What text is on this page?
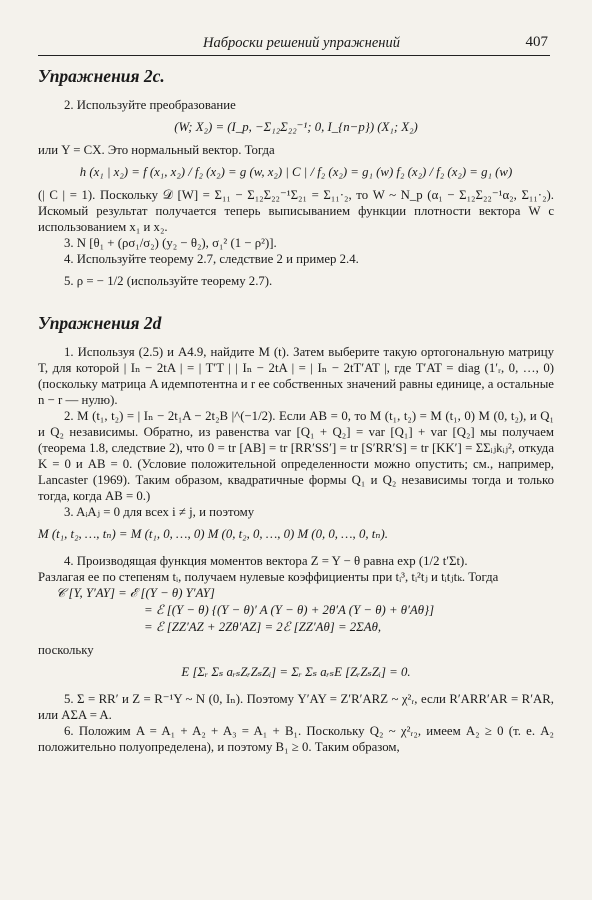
Наброски решений упражнений	407
Упражнения 2с.

2. Используйте преобразование

(W; X₂) = (I_p, −Σ₁₂Σ₂₂⁻¹; 0, I_{n−p}) (X₁; X₂)

или Y = CX. Это нормальный вектор. Тогда

h (x₁ | x₂) = f (x₁, x₂) / f₂ (x₂) = g (w, x₂) | C | / f₂ (x₂) = g₁ (w) f₂ (x₂) / f₂ (x₂) = g₁ (w)

(| C | = 1). Поскольку 𝒟 [W] = Σ₁₁ − Σ₁₂Σ₂₂⁻¹Σ₂₁ = Σ₁₁·₂, то W ~ N_p (α₁ − Σ₁₂Σ₂₂⁻¹α₂, Σ₁₁·₂). Искомый результат получается теперь выписыванием функции плотности вектора W с использованием x₁ и x₂.

3. N [θ₁ + (ρσ₁/σ₂) (y₂ − θ₂), σ₁² (1 − ρ²)].

4. Используйте теорему 2.7, следствие 2 и пример 2.4.

5. ρ = − 1/2 (используйте теорему 2.7).

Упражнения 2d

1. Используя (2.5) и A4.9, найдите M (t). Затем выберите такую ортогональную матрицу T, для которой | Iₙ − 2tA | = | T′T | | Iₙ − 2tA | = | Iₙ − 2tT′AT |, где T′AT = diag (1′ᵣ, 0, …, 0) (поскольку матрица A идемпотентна и r ее собственных значений равны единице, а остальные n − r — нулю).

2. M (t₁, t₂) = | Iₙ − 2t₁A − 2t₂B |^(−1/2). Если AB = 0, то M (t₁, t₂) = M (t₁, 0) M (0, t₂), и Q₁ и Q₂ независимы. Обратно, из равенства var [Q₁ + Q₂] = var [Q₁] + var [Q₂] мы получаем (теорема 1.8, следствие 2), что 0 = tr [AB] = tr [RR′SS′] = tr [S′RR′S] = tr [KK′] = ΣΣᵢⱼkᵢⱼ², откуда K = 0 и AB = 0. (Условие положительной определенности можно опустить; см., например, Lancaster (1969). Таким образом, квадратичные формы Q₁ и Q₂ независимы тогда и только тогда, когда AB = 0.)

3. AᵢAⱼ = 0 для всех i ≠ j, и поэтому

M (t₁, t₂, …, tₙ) = M (t₁, 0, …, 0) M (0, t₂, 0, …, 0) M (0, 0, …, 0, tₙ).

4. Производящая функция моментов вектора Z = Y − θ равна exp (1/2 t′Σt).

Разлагая ее по степеням tᵢ, получаем нулевые коэффициенты при tᵢ³, tᵢ²tⱼ и tᵢtⱼtₖ. Тогда

𝒞 [Y, Y′AY] = ℰ [(Y − θ) Y′AY]

= ℰ [(Y − θ) {(Y − θ)′ A (Y − θ) + 2θ′A (Y − θ) + θ′Aθ}]

= ℰ [ZZ′AZ + 2Zθ′AZ] = 2ℰ [ZZ′Aθ] = 2ΣAθ,

поскольку

E [Σᵣ Σₛ aᵣₛZᵣZₛZᵢ] = Σᵣ Σₛ aᵣₛE [ZᵣZₛZᵢ] = 0.

5. Σ = RR′ и Z = R⁻¹Y ~ N (0, Iₙ). Поэтому Y′AY = Z′R′ARZ ~ χ²ᵣ, если R′ARR′AR = R′AR, или AΣA = A.

6. Положим A = A₁ + A₂ + A₃ = A₁ + B₁. Поскольку Q₂ ~ χ²ᵣ₂, имеем A₂ ≥ 0 (т. е. A₂ положительно полуопределена), и поэтому B₁ ≥ 0. Таким образом,
